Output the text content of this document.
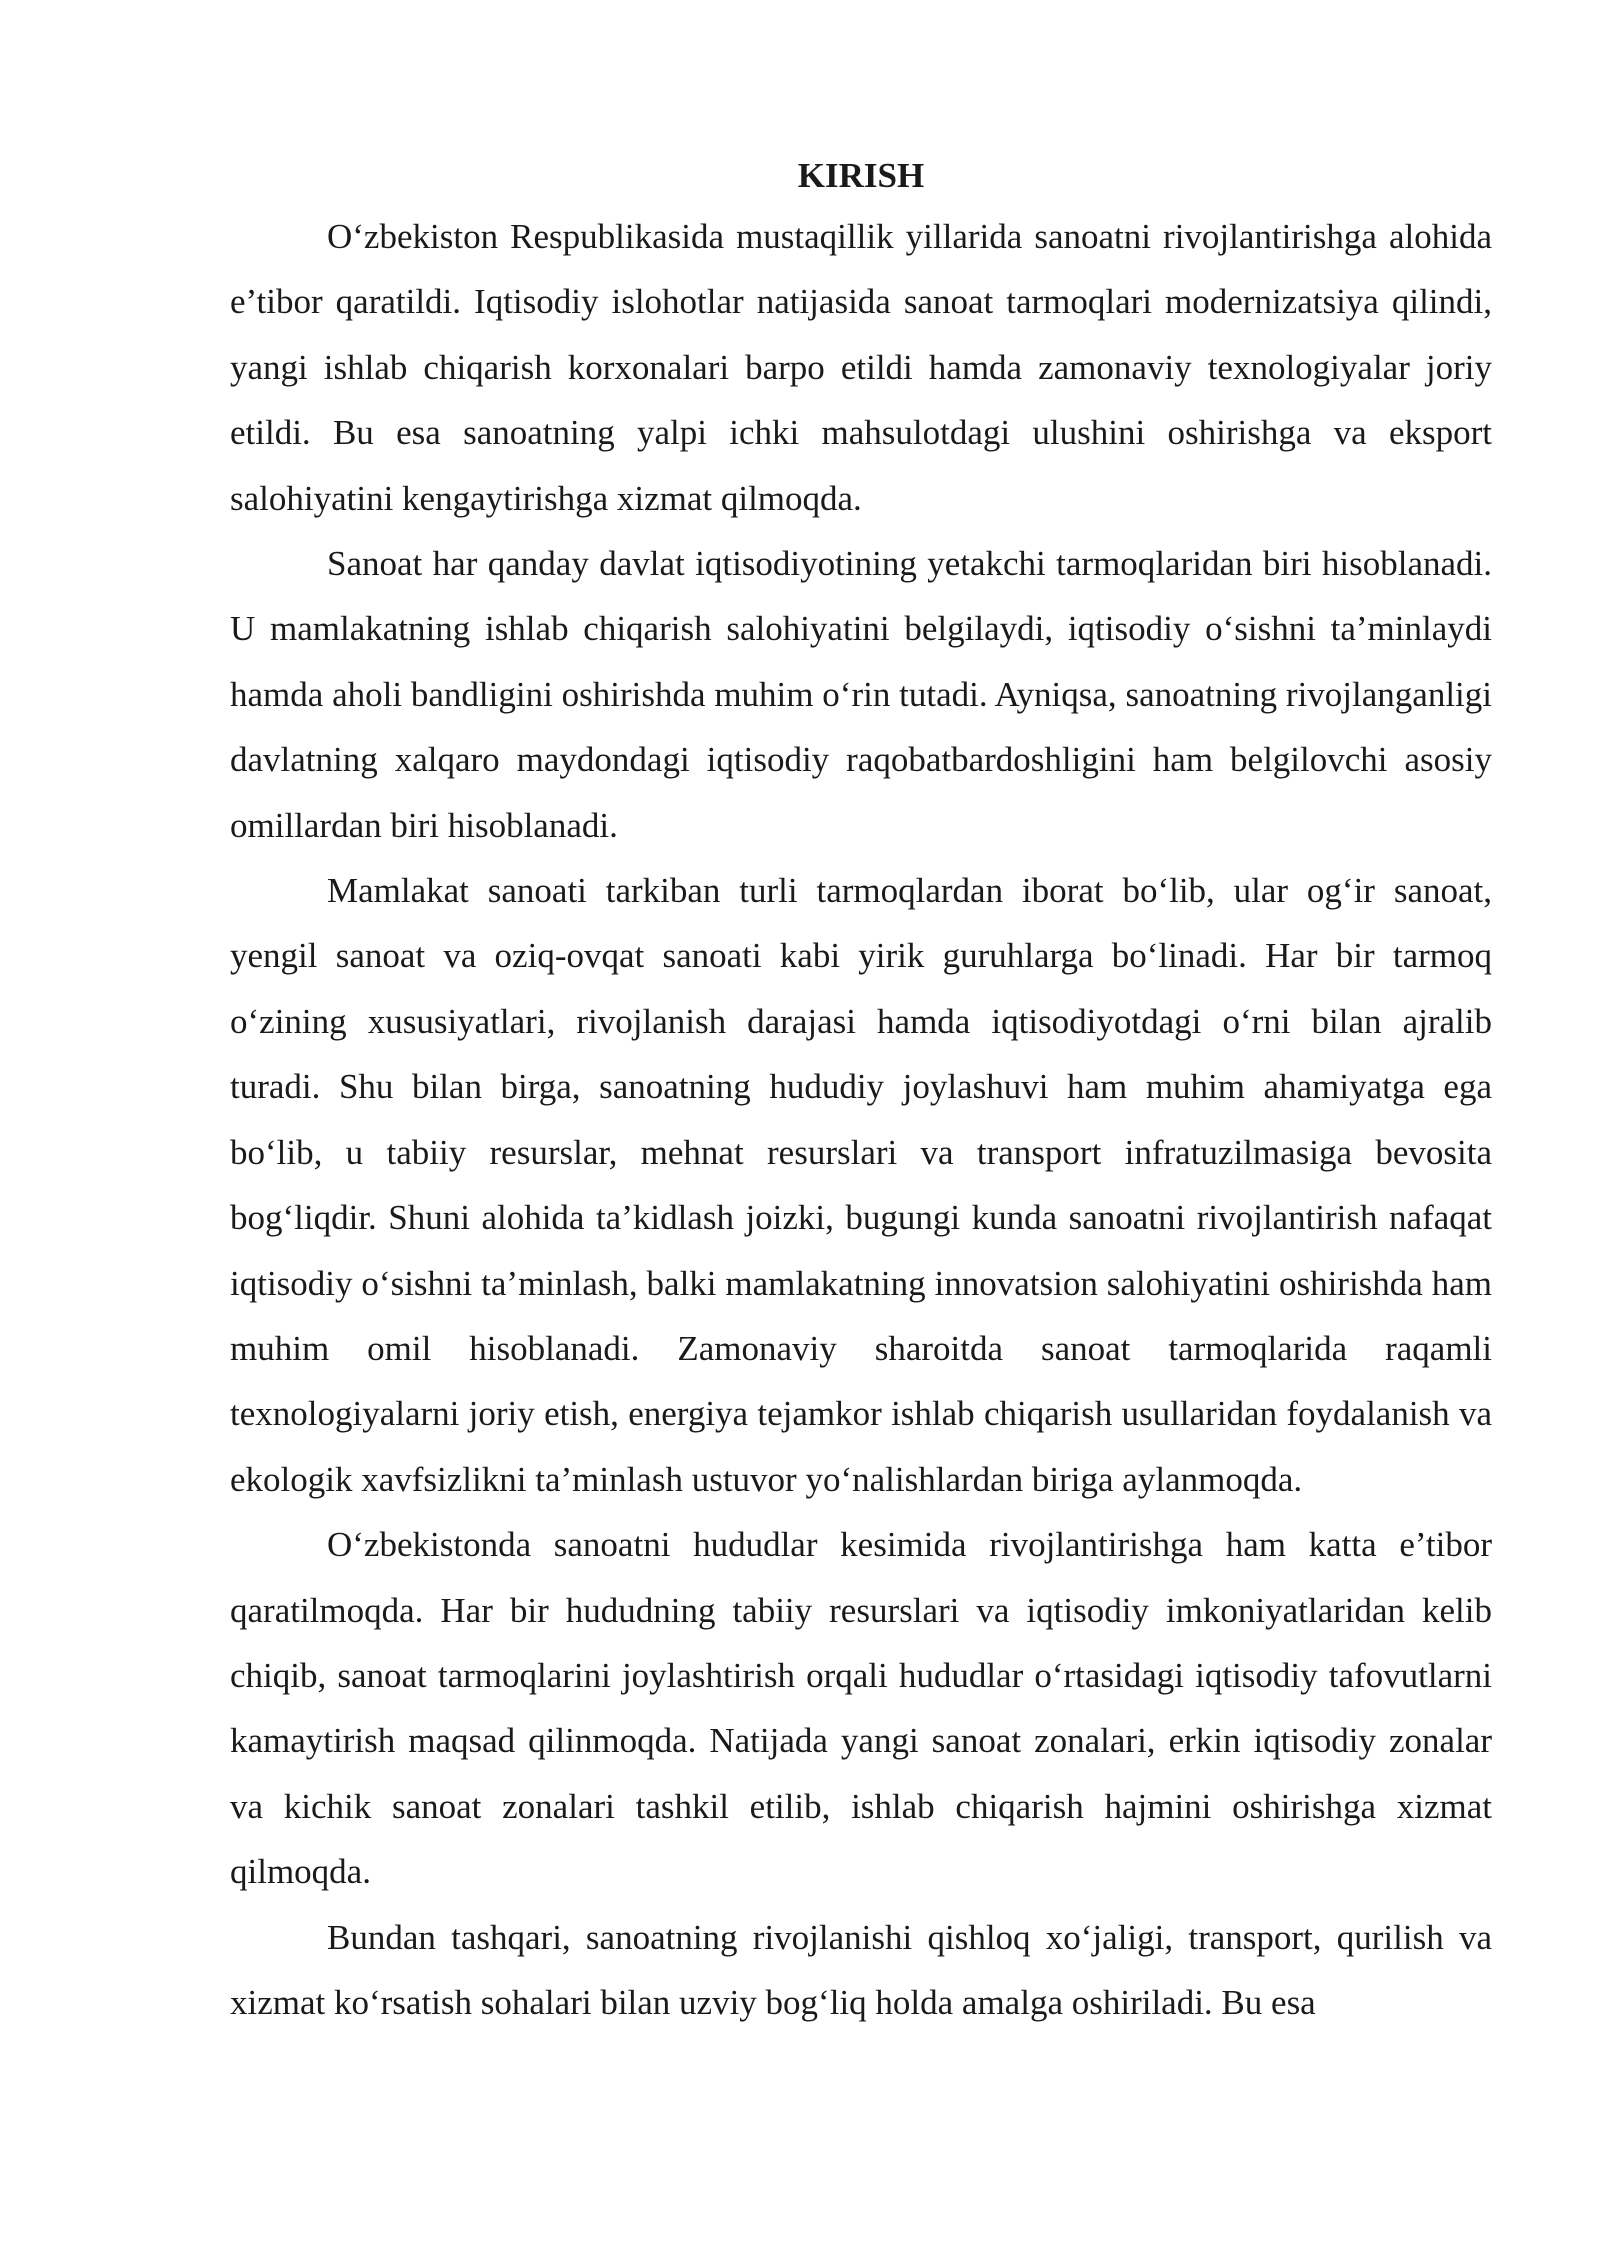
KIRISH

O‘zbekiston Respublikasida mustaqillik yillarida sanoatni rivojlantirishga alohida e’tibor qaratildi. Iqtisodiy islohotlar natijasida sanoat tarmoqlari modernizatsiya qilindi, yangi ishlab chiqarish korxonalari barpo etildi hamda zamonaviy texnologiyalar joriy etildi. Bu esa sanoatning yalpi ichki mahsulotdagi ulushini oshirishga va eksport salohiyatini kengaytirishga xizmat qilmoqda.

Sanoat har qanday davlat iqtisodiyotining yetakchi tarmoqlaridan biri hisoblanadi. U mamlakatning ishlab chiqarish salohiyatini belgilaydi, iqtisodiy o‘sishni ta’minlaydi hamda aholi bandligini oshirishda muhim o‘rin tutadi. Ayniqsa, sanoatning rivojlanganligi davlatning xalqaro maydondagi iqtisodiy raqobatbardoshligini ham belgilovchi asosiy omillardan biri hisoblanadi.

Mamlakat sanoati tarkiban turli tarmoqlardan iborat bo‘lib, ular og‘ir sanoat, yengil sanoat va oziq-ovqat sanoati kabi yirik guruhlarga bo‘linadi. Har bir tarmoq o‘zining xususiyatlari, rivojlanish darajasi hamda iqtisodiyotdagi o‘rni bilan ajralib turadi. Shu bilan birga, sanoatning hududiy joylashuvi ham muhim ahamiyatga ega bo‘lib, u tabiiy resurslar, mehnat resurslari va transport infratuzilmasiga bevosita bog‘liqdir. Shuni alohida ta’kidlash joizki, bugungi kunda sanoatni rivojlantirish nafaqat iqtisodiy o‘sishni ta’minlash, balki mamlakatning innovatsion salohiyatini oshirishda ham muhim omil hisoblanadi. Zamonaviy sharoitda sanoat tarmoqlarida raqamli texnologiyalarni joriy etish, energiya tejamkor ishlab chiqarish usullaridan foydalanish va ekologik xavfsizlikni ta’minlash ustuvor yo‘nalishlardan biriga aylanmoqda.

O‘zbekistonda sanoatni hududlar kesimida rivojlantirishga ham katta e’tibor qaratilmoqda. Har bir hududning tabiiy resurslari va iqtisodiy imkoniyatlaridan kelib chiqib, sanoat tarmoqlarini joylashtirish orqali hududlar o‘rtasidagi iqtisodiy tafovutlarni kamaytirish maqsad qilinmoqda. Natijada yangi sanoat zonalari, erkin iqtisodiy zonalar va kichik sanoat zonalari tashkil etilib, ishlab chiqarish hajmini oshirishga xizmat qilmoqda.

Bundan tashqari, sanoatning rivojlanishi qishloq xo‘jaligi, transport, qurilish va xizmat ko‘rsatish sohalari bilan uzviy bog‘liq holda amalga oshiriladi. Bu esa
